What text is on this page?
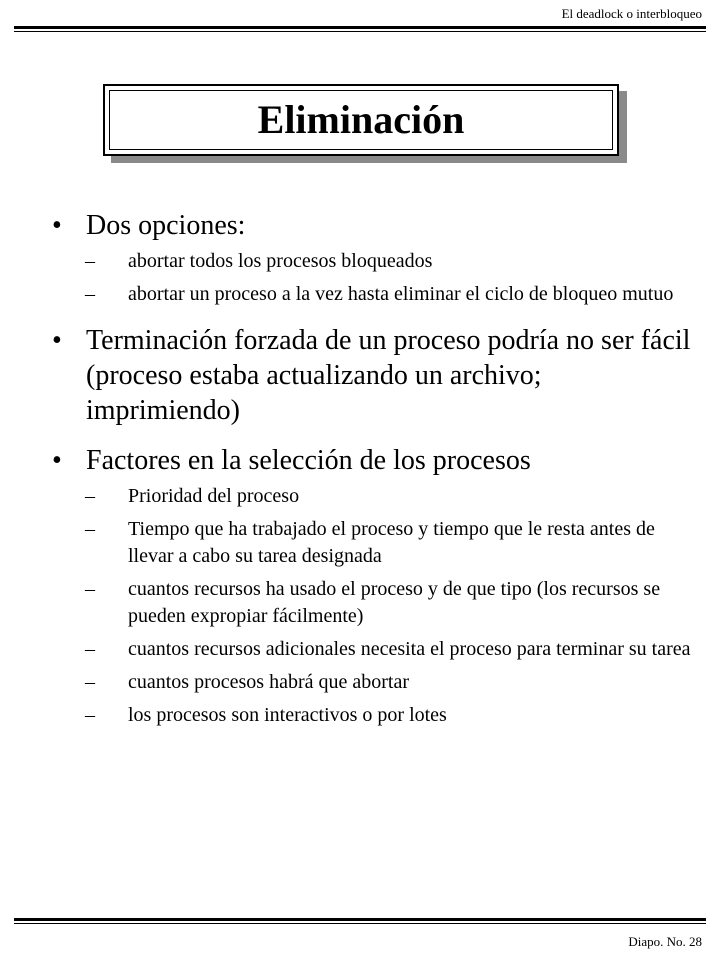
El deadlock o interbloqueo
Eliminación
• Dos opciones:
– abortar todos los procesos bloqueados
– abortar un proceso a la vez hasta eliminar el ciclo de bloqueo mutuo
• Terminación forzada de un proceso podría no ser fácil (proceso estaba actualizando un archivo; imprimiendo)
• Factores en la selección de los procesos
– Prioridad del proceso
– Tiempo que ha trabajado el proceso y tiempo que le resta antes de llevar a cabo su tarea designada
– cuantos recursos ha usado el proceso y de que tipo (los recursos se pueden expropiar fácilmente)
– cuantos recursos adicionales necesita el proceso para terminar su tarea
– cuantos procesos habrá que abortar
– los procesos son interactivos o por lotes
Diapo. No. 28
